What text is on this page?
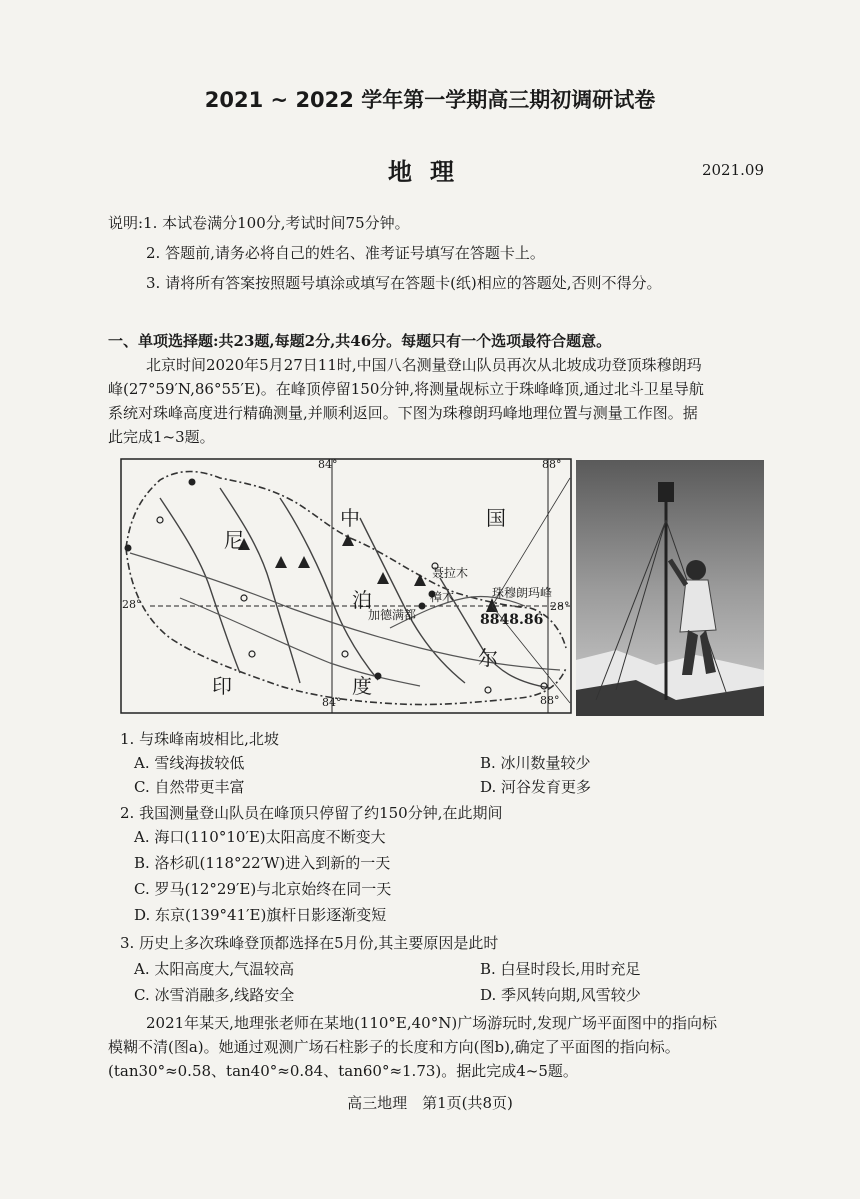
2021 ~ 2022 学年第一学期高三期初调研试卷
地理	2021.09
说明:1. 本试卷满分100分,考试时间75分钟。
2. 答题前,请务必将自己的姓名、准考证号填写在答题卡上。
3. 请将所有答案按照题号填涂或填写在答题卡(纸)相应的答题处,否则不得分。
一、单项选择题:共23题,每题2分,共46分。每题只有一个选项最符合题意。
北京时间2020年5月27日11时,中国八名测量登山队员再次从北坡成功登顶珠穆朗玛
峰(27°59′N,86°55′E)。在峰顶停留150分钟,将测量觇标立于珠峰峰顶,通过北斗卫星导航
系统对珠峰高度进行精确测量,并顺利返回。下图为珠穆朗玛峰地理位置与测量工作图。据
此完成1~3题。
84°	88°
84°	88°
28°	28°
中	国
尼
泊
尔
印	度
聂拉木
樟木
加德满都
珠穆朗玛峰
8848.86
1. 与珠峰南坡相比,北坡
A. 雪线海拔较低	B. 冰川数量较少
C. 自然带更丰富	D. 河谷发育更多
2. 我国测量登山队员在峰顶只停留了约150分钟,在此期间
A. 海口(110°10′E)太阳高度不断变大
B. 洛杉矶(118°22′W)进入到新的一天
C. 罗马(12°29′E)与北京始终在同一天
D. 东京(139°41′E)旗杆日影逐渐变短
3. 历史上多次珠峰登顶都选择在5月份,其主要原因是此时
A. 太阳高度大,气温较高	B. 白昼时段长,用时充足
C. 冰雪消融多,线路安全	D. 季风转向期,风雪较少
2021年某天,地理张老师在某地(110°E,40°N)广场游玩时,发现广场平面图中的指向标
模糊不清(图a)。她通过观测广场石柱影子的长度和方向(图b),确定了平面图的指向标。
(tan30°≈0.58、tan40°≈0.84、tan60°≈1.73)。据此完成4~5题。
高三地理　第1页(共8页)
